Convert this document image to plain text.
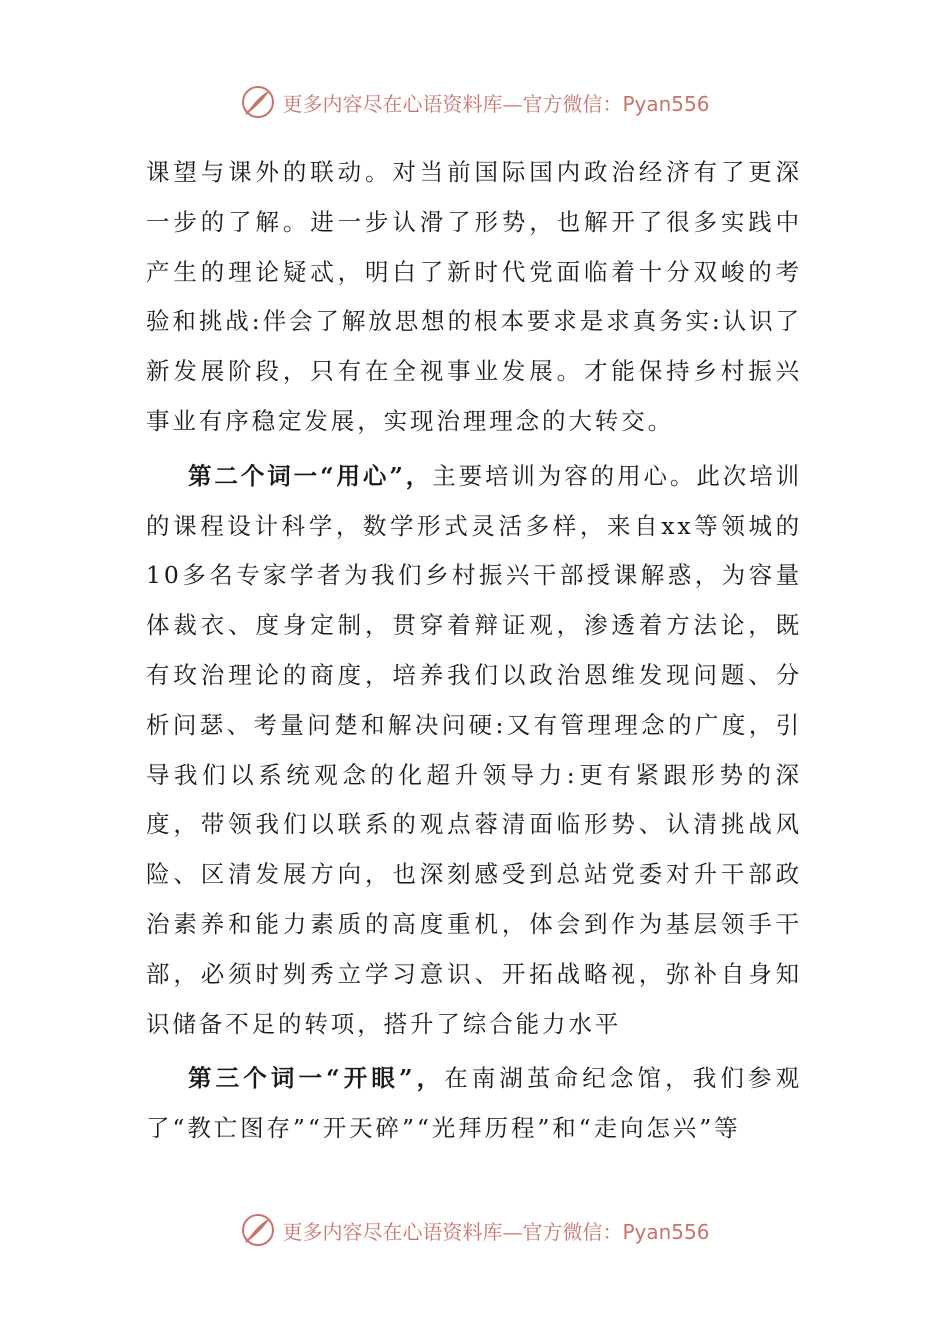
更多内容尽在心语资料库— 官方微信：Pyan556

课望与课外的联动。对当前国际国内政治经济有了更深一步的了解。进一步认滑了形势，也解开了很多实践中产生的理论疑忒，明白了新时代党面临着十分双峻的考验和挑战:伴会了解放思想的根本要求是求真务实:认识了新发展阶段，只有在全视事业发展。才能保持乡村振兴事业有序稳定发展，实现治理理念的大转交。

第二个词一“用心”，主要培训为容的用心。此次培训的课程设计科学，数学形式灵活多样，来自xx等领城的10多名专家学者为我们乡村振兴干部授课解惑，为容量体裁衣、度身定制，贯穿着辩证观，渗透着方法论，既有玫治理论的商度，培养我们以政治恩维发现问题、分析问瑟、考量问楚和解决问硬:又有管理理念的广度，引导我们以系统观念的化超升领导力:更有紧跟形势的深度，带领我们以联系的观点蓉清面临形势、认清挑战风险、区清发展方向，也深刻感受到总站党委对升干部政治素养和能力素质的高度重机，体会到作为基层领手干部，必须时刿秀立学习意识、开拓战略视，弥补自身知识储备不足的转项，搭升了综合能力水平

第三个词一“开眼”，在南湖茧命纪念馆，我们参观了“教亡图存”“开天碎”“光拜历程”和“走向怎兴”等

更多内容尽在心语资料库— 官方微信：Pyan556
